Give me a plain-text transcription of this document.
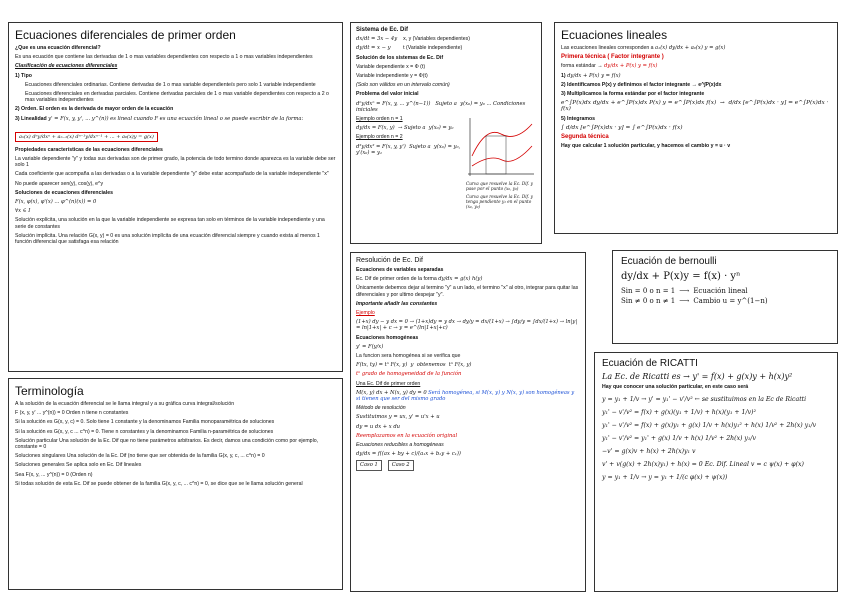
Ecuaciones diferenciales de primer orden
¿Que es una ecuación diferencial?
Es una ecuación que contiene las derivadas de 1 o mas variables dependientes con respecto a 1 o mas variables independientes
Clasificación de ecuaciones diferenciales
1) Tipo
Ecuaciones diferenciales ordinarias. Contiene derivadas de 1 o mas variable dependiente/s pero solo 1 variable independiente
Ecuaciones diferenciales en derivadas parciales. Contiene derivadas parciales de 1 o mas variable dependientes con respecto a 2 o mas variables independientes
2) Orden. El orden es la derivada de mayor orden de la ecuación
3) Linealidad y' = F(x, y, y', ... y^(n)) es lineal cuando F es una ecuación lineal o se puede escribir de la forma:
aₙ(x) dⁿy/dxⁿ + aₙ₋₁(x) dⁿ⁻¹y/dxⁿ⁻¹ + ... + a₀(x)y = g(x)
Propiedades características de las ecuaciones diferenciales
La variable dependiente "y" y todas sus derivadas son de primer grado, la potencia de todo termino donde aparezca es la variable debe ser solo 1
Cada coeficiente que acompaña a las derivadas o a la variable dependiente "y" debe estar acompañado de la variable independiente "x"
No puede aparecer sen(y), cos(y), e^y
Soluciones de ecuaciones diferenciales
F(x, φ(x), φ'(x) ... φ^(n)(x)) = 0
∀x ∈ I
Solución explícita, una solución en la que la variable independiente se expresa tan solo en términos de la variable independiente y una serie de constantes
Solución implícita. Una relación G(x, y) = 0 es una solución implícita de una ecuación diferencial siempre y cuando exista al menos 1 función diferencial que satisfaga esa relación
Terminología
A la solución de la ecuación diferencial se le llama integral y a su gráfica curva integral/solución
F (x, y, y' ... y^(n)) = 0 Orden n tiene n constantes
Si la solución es G(x, y, c) = 0. Solo tiene 1 constante y la denominamos Familia monoparamétrica de soluciones
Si la solución es G(x, y, c ... c^n) = 0. Tiene n constantes y la denominamos Familia n-paramétrica de soluciones
Solución particular Una solución de la Ec. Dif que no tiene parámetros arbitrarios. Es decir, damos una condición como por ejemplo, constante = 0
Soluciones singulares Una solución de la Ec. Dif (no tiene que ser obtenida de la familia G(x, y, c, ... c^n) = 0
Soluciones generales Se aplica solo en Ec. Dif lineales
Sea F(x, y, ... y^(n)) = 0 (Orden n)
Si todas solución de esta Ec. Dif se puede obtener de la familia G(x, y, c, ... c^n) = 0, se dice que se le llama solución general
Sistema de Ec. Dif
dx/dt = 3x − 4y
dy/dt = x − y
x, y (Variables dependientes)
t (Variable independiente)
Solución de los sistemas de Ec. Dif
Variable dependiente x = Φ (t)
Variable independiente y = Φ(t)
(Solo son válidos en un intervalo común)
Problema del valor inicial
dⁿy/dxⁿ = F(x, y, ... y^(n−1))   Sujeto a  y(x₀) = y₀ ... Condiciones iniciales
Ejemplo orden n = 1
dy/dx = F(x, y)  → Sujeto a  y(x₀) = y₀
Ejemplo orden n = 2
d²y/dx² = F(x, y, y')  Sujeto a  y(x₀) = y₀, y'(x₀) = y₁
Curva que resuelve la Ec. Dif. y pase por el punto (x₀, y₀)
Curva que resuelve la Ec. Dif. y tenga pendiente y₁ en el punto (x₀, y₀)
Resolución de Ec. Dif
Ecuaciones de variables separadas
Ec. Dif de primer orden de la forma dy/dx = g(x) h(y)
Únicamente debemos dejar al termino "y" a un lado, el termino "x" al otro, integrar para quitar las diferenciales y por ultimo despejar "y".
Importante añadir las constantes
Ejemplo
(1+x) dy − y dx = 0 → (1+x)dy = y dx → dy/y = dx/(1+x) → ∫dy/y = ∫dx/(1+x) → ln|y| = ln|1+x| + c → y = e^(ln|1+x|+c)
Ecuaciones homogéneas
y' = F(y/x)
La funcion sera homogénea si se verifica que
F(tx, ty) = tⁿ F(x, y)  y  obtenemos  tⁿ F(x, y)
tⁿ grado de homogeneidad de la función
Una Ec. Dif de primer orden
M(x, y) dx + N(x, y) dy = 0 Será homogénea, si M(x, y) y N(x, y) son homogéneas y si tienen que ser del mismo grado
Método de resolución
Sustituimos y = ux, y' = u'x + u
dy = u dx + x du
Reemplazamos en la ecuación original
Ecuaciones reducibles a homogéneas
dy/dx = f((ax + by + c)/(a₁x + b₁y + c₁))
Caso 1	Caso 2
Ecuaciones lineales
Las ecuaciones lineales corresponden a a₁(x) dy/dx + a₀(x) y = g(x)
Primera técnica ( Factor integrante )
forma estándar → dy/dx + P(x) y = f(x)
1) dy/dx + P(x) y = f(x)
2) Identificamos P(x) y definimos el factor integrante → e^∫P(x)dx
3) Multiplicamos la forma estándar por el factor integrante
e^∫P(x)dx dy/dx + e^∫P(x)dx P(x) y = e^∫P(x)dx f(x)  →  d/dx [e^∫P(x)dx · y] = e^∫P(x)dx · f(x)
5) Integramos
∫ d/dx [e^∫P(x)dx · y] = ∫ e^∫P(x)dx · f(x)
Segunda técnica
Hay que calcular 1 solución particular, y hacemos el cambio y = u · v
Ecuación de bernoulli
dy/dx + P(x)y = f(x) · yⁿ
Sin = 0 o n = 1 ⟶ Ecuación lineal
Sin ≠ 0 o n ≠ 1 ⟶ Cambio u = y^(1−n)
Ecuación de RICATTI
La Ec. de Ricatti es → y' = f(x) + g(x)y + h(x)y²
Hay que conocer una solución particular, en este caso será
y = y₁ + 1/v → y' = y₁' − v'/v² ← se sustituimos en la Ec de Ricatti
y₁' − v'/v² = f(x) + g(x)(y₁ + 1/v) + h(x)(y₁ + 1/v)²
y₁' − v'/v² = f(x) + g(x)y₁ + g(x) 1/v + h(x)y₁² + h(x) 1/v² + 2h(x) y₁/v
y₁' − v'/v² = y₁' + g(x) 1/v + h(x) 1/v² + 2h(x) y₁/v
−v' = g(x)v + h(x) + 2h(x)y₁ v
v' + v(g(x) + 2h(x)y₁) + h(x) = 0 Ec. Dif. Lineal v = c ψ(x) + φ(x)
y = y₁ + 1/v → y = y₁ + 1/(c φ(x) + ψ(x))
